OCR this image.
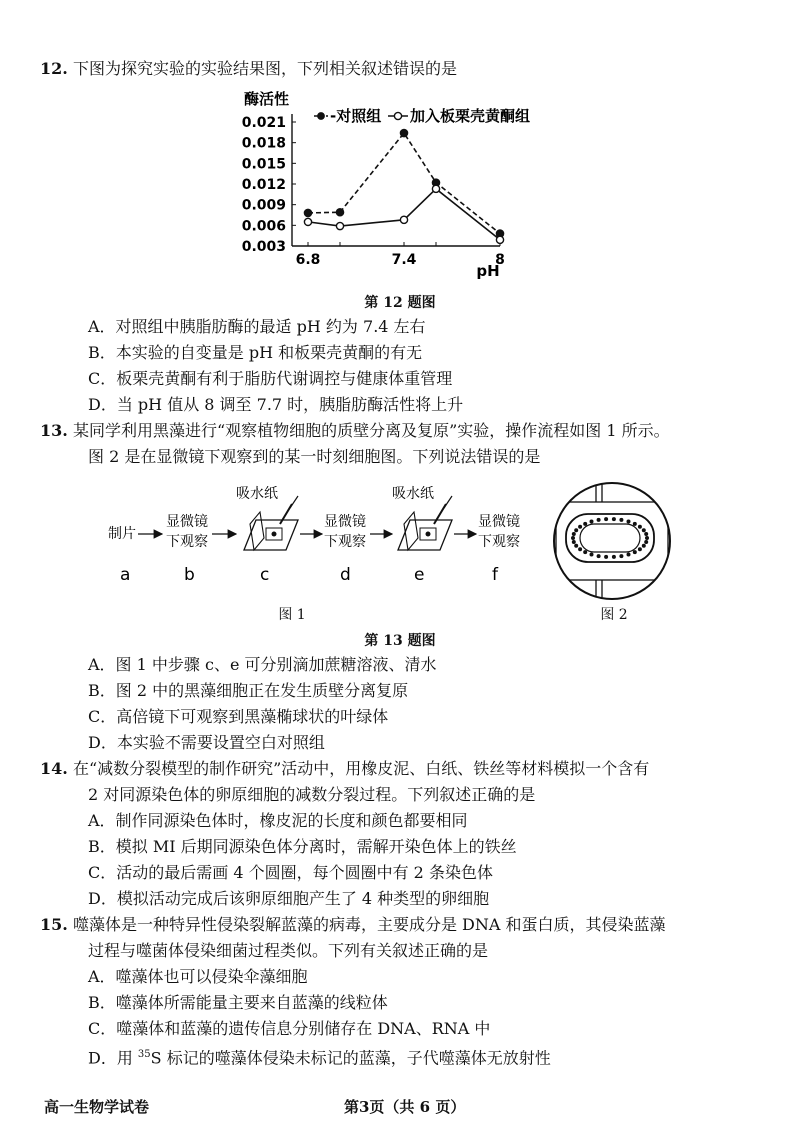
12. 下图为探究实验的实验结果图，下列相关叙述错误的是
0.021
0.018
0.015
0.012
0.009
0.006
0.003
6.8	7.4	8
-对照组 加入板栗壳黄酮组
酶活性
pH
第 12 题图
A．对照组中胰脂肪酶的最适 pH 约为 7.4 左右
B．本实验的自变量是 pH 和板栗壳黄酮的有无
C．板栗壳黄酮有利于脂肪代谢调控与健康体重管理
D．当 pH 值从 8 调至 7.7 时，胰脂肪酶活性将上升
13. 某同学利用黑藻进行“观察植物细胞的质壁分离及复原”实验，操作流程如图 1 所示。
图 2 是在显微镜下观察到的某一时刻细胞图。下列说法错误的是
制片
显微镜
下观察
吸水纸
显微镜
下观察
吸水纸
显微镜
下观察
a	b	c	d	e	f
图 1	图 2
第 13 题图
A．图 1 中步骤 c、e 可分别滴加蔗糖溶液、清水
B．图 2 中的黑藻细胞正在发生质壁分离复原
C．高倍镜下可观察到黑藻椭球状的叶绿体
D．本实验不需要设置空白对照组
14. 在“减数分裂模型的制作研究”活动中，用橡皮泥、白纸、铁丝等材料模拟一个含有
2 对同源染色体的卵原细胞的减数分裂过程。下列叙述正确的是
A．制作同源染色体时，橡皮泥的长度和颜色都要相同
B．模拟 MI 后期同源染色体分离时，需解开染色体上的铁丝
C．活动的最后需画 4 个圆圈，每个圆圈中有 2 条染色体
D．模拟活动完成后该卵原细胞产生了 4 种类型的卵细胞
15. 噬藻体是一种特异性侵染裂解蓝藻的病毒，主要成分是 DNA 和蛋白质，其侵染蓝藻
过程与噬菌体侵染细菌过程类似。下列有关叙述正确的是
A．噬藻体也可以侵染伞藻细胞
B．噬藻体所需能量主要来自蓝藻的线粒体
C．噬藻体和蓝藻的遗传信息分别储存在 DNA、RNA 中
D．用 $^{35}$S 标记的噬藻体侵染未标记的蓝藻，子代噬藻体无放射性
高一生物学试卷	第3页（共 6 页）
